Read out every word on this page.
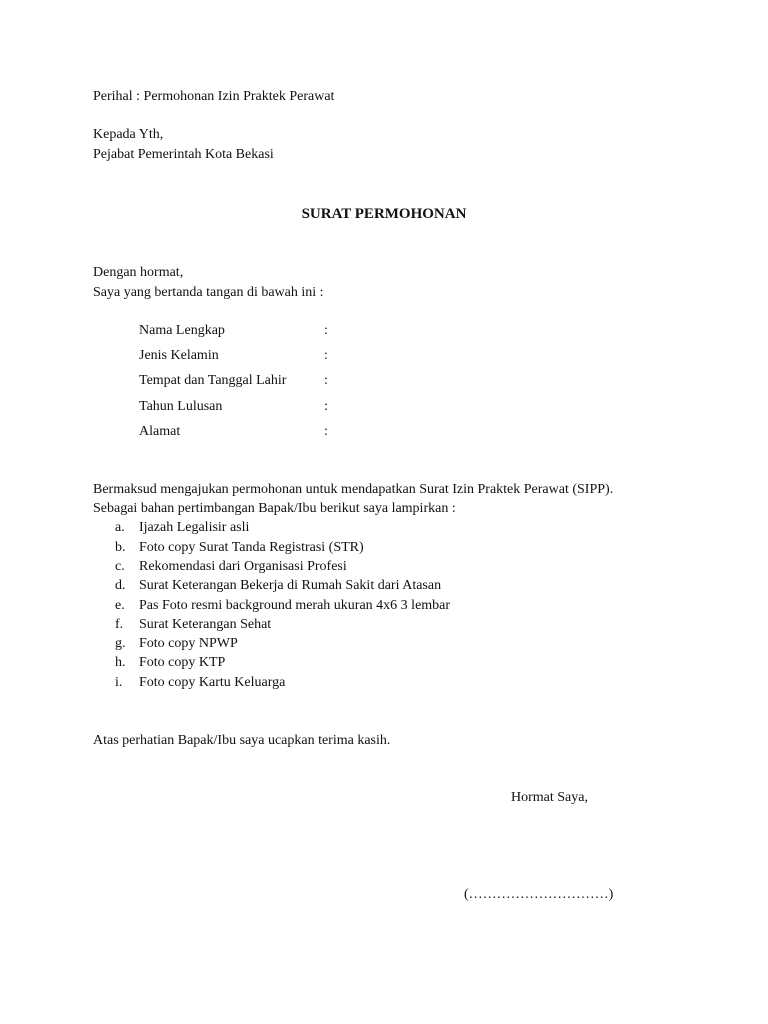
Perihal : Permohonan Izin Praktek Perawat
Kepada Yth,
Pejabat Pemerintah Kota Bekasi
SURAT PERMOHONAN
Dengan hormat,
Saya yang bertanda tangan di bawah ini :
Nama Lengkap	:
Jenis Kelamin	:
Tempat dan Tanggal Lahir	:
Tahun Lulusan	:
Alamat	:
Bermaksud mengajukan permohonan untuk mendapatkan Surat Izin Praktek Perawat (SIPP).
Sebagai bahan pertimbangan Bapak/Ibu berikut saya lampirkan :
a. Ijazah Legalisir asli
b. Foto copy Surat Tanda Registrasi (STR)
c. Rekomendasi dari Organisasi Profesi
d. Surat Keterangan Bekerja di Rumah Sakit dari Atasan
e. Pas Foto resmi background merah ukuran 4x6 3 lembar
f. Surat Keterangan Sehat
g. Foto copy NPWP
h. Foto copy KTP
i. Foto copy Kartu Keluarga
Atas perhatian Bapak/Ibu saya ucapkan terima kasih.
Hormat Saya,
(…………………………)
